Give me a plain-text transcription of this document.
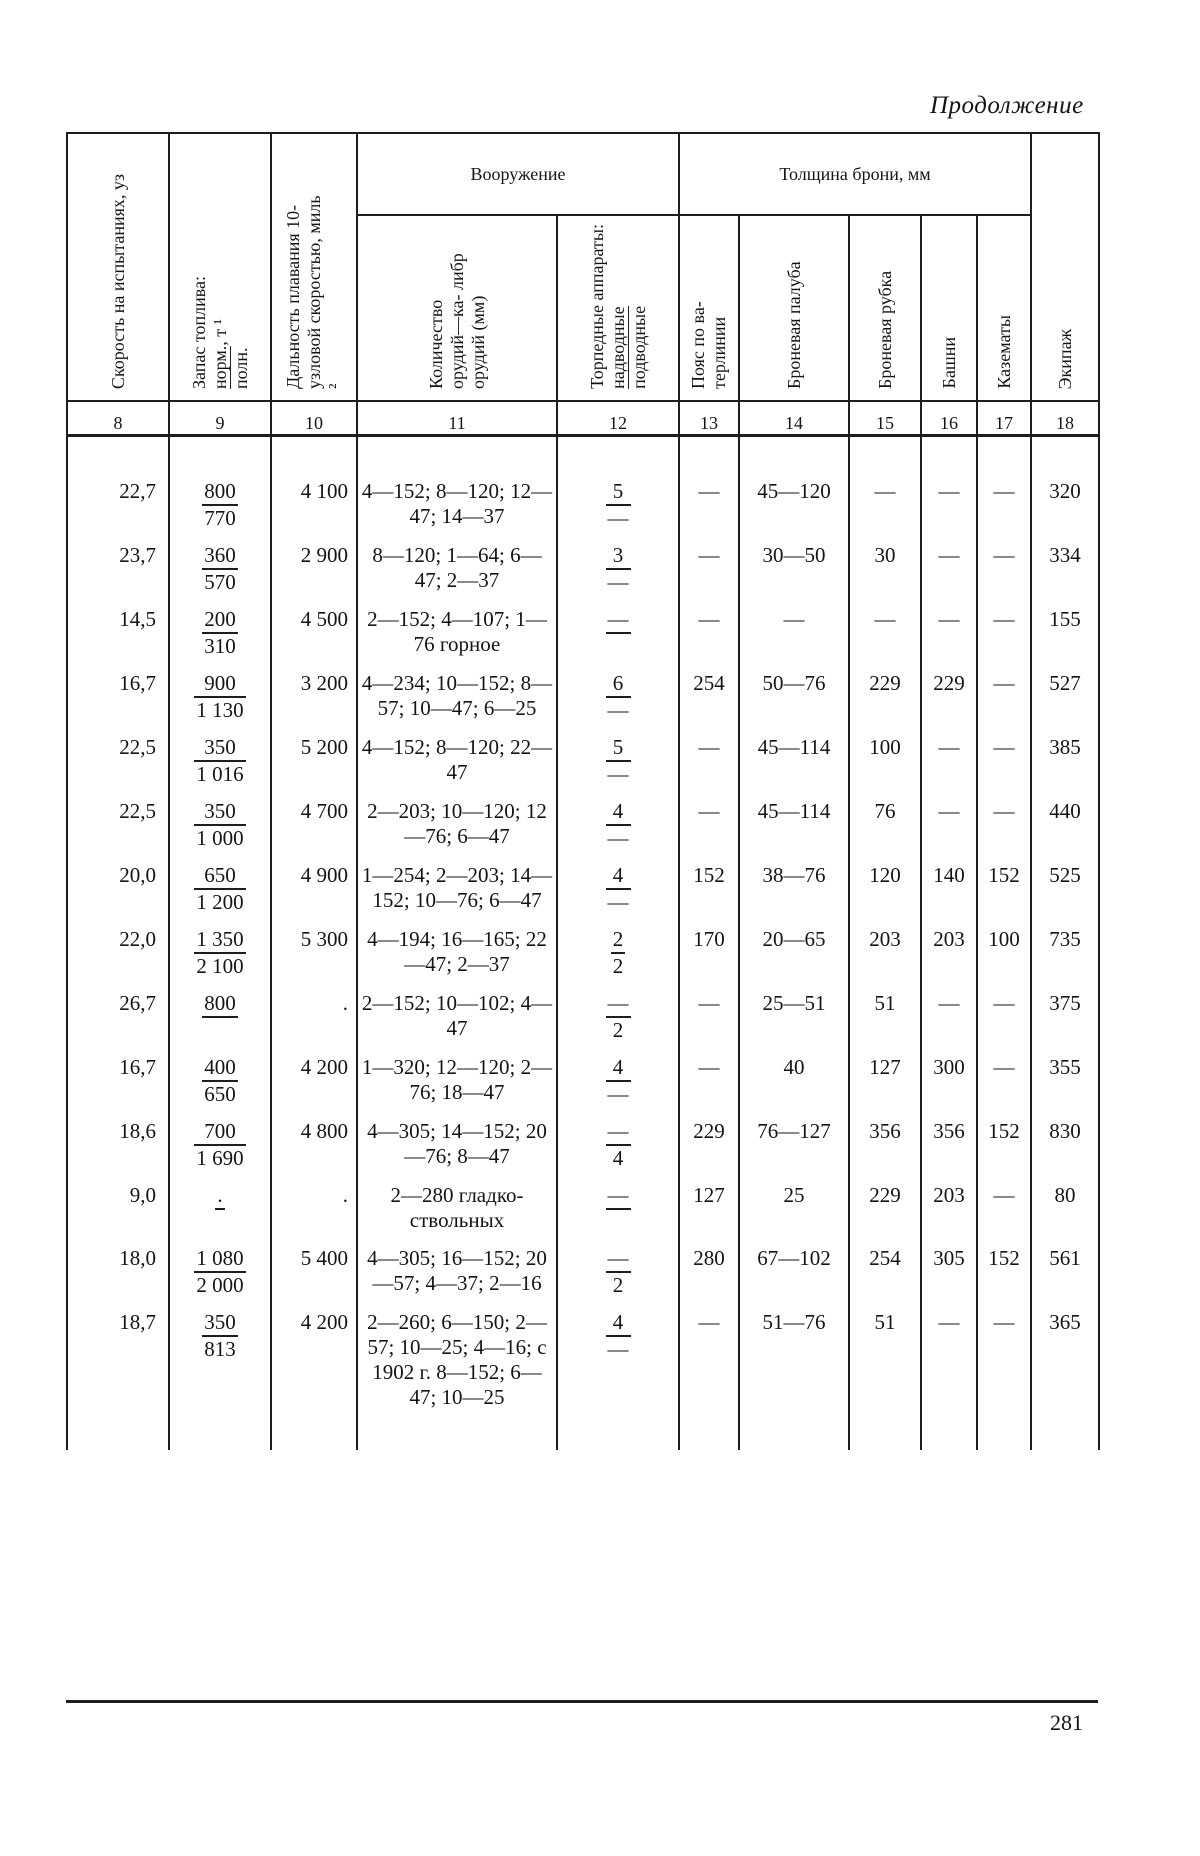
Продолжение
Скорость на испытаниях, уз	Запас топлива:
норм., т ¹
полн.	Дальность плавания 10-узловой скоростью, миль ²	Вооружение		Толщина брони, мм					Экипаж
			Количество орудий—ка- либр орудий (мм)	Торпедные аппараты:
надводные
подводные	Пояс по ва- терлинии	Броневая палуба	Броневая рубка	Башни	Казематы	
8	9	10	11	12	13	14	15	16	17	18

22,7	$\frac{800}{770}$	4 100	4—152; 8—120; 12—47; 14—37	$\frac{5}{—}$	—	45—120	—	—	—	320
23,7	$\frac{360}{570}$	2 900	8—120; 1—64; 6—47; 2—37	$\frac{3}{—}$	—	30—50	30	—	—	334
14,5	$\frac{200}{310}$	4 500	2—152; 4—107; 1—76 горное	—	—	—	—	—	—	155
16,7	$\frac{900}{1 130}$	3 200	4—234; 10—152; 8—57; 10—47; 6—25	$\frac{6}{—}$	254	50—76	229	229	—	527
22,5	$\frac{350}{1 016}$	5 200	4—152; 8—120; 22—47	$\frac{5}{—}$	—	45—114	100	—	—	385
22,5	$\frac{350}{1 000}$	4 700	2—203; 10—120; 12—76; 6—47	$\frac{4}{—}$	—	45—114	76	—	—	440
20,0	$\frac{650}{1 200}$	4 900	1—254; 2—203; 14—152; 10—76; 6—47	$\frac{4}{—}$	152	38—76	120	140	152	525
22,0	$\frac{1 350}{2 100}$	5 300	4—194; 16—165; 22—47; 2—37	$\frac{2}{2}$	170	20—65	203	203	100	735
26,7	800	.	2—152; 10—102; 4—47	$\frac{—}{2}$	—	25—51	51	—	—	375
16,7	$\frac{400}{650}$	4 200	1—320; 12—120; 2—76; 18—47	$\frac{4}{—}$	—	40	127	300	—	355
18,6	$\frac{700}{1 690}$	4 800	4—305; 14—152; 20—76; 8—47	$\frac{—}{4}$	229	76—127	356	356	152	830
9,0	.	.	2—280 гладко- ствольных	—	127	25	229	203	—	80
18,0	$\frac{1 080}{2 000}$	5 400	4—305; 16—152; 20—57; 4—37; 2—16	$\frac{—}{2}$	280	67—102	254	305	152	561
18,7	$\frac{350}{813}$	4 200	2—260; 6—150; 2—57; 10—25; 4—16; с 1902 г. 8—152; 6—47; 10—25	$\frac{4}{—}$	—	51—76	51	—	—	365
281
